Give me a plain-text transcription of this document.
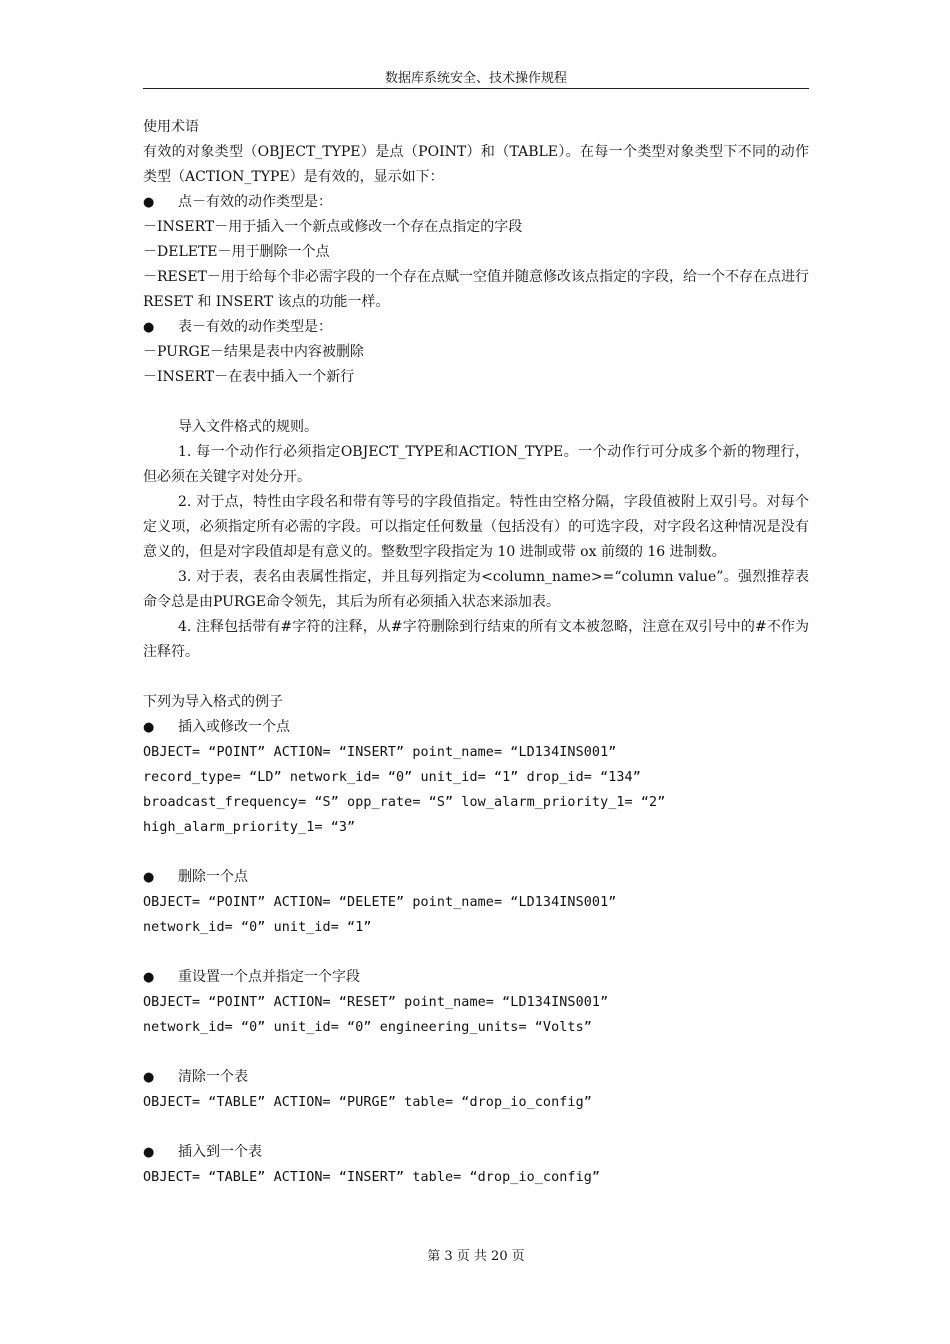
数据库系统安全、技术操作规程
使用术语
有效的对象类型（OBJECT_TYPE）是点（POINT）和（TABLE）。在每一个类型对象类型下不同的动作类型（ACTION_TYPE）是有效的，显示如下：
● 点－有效的动作类型是：
－INSERT－用于插入一个新点或修改一个存在点指定的字段
－DELETE－用于删除一个点
－RESET－用于给每个非必需字段的一个存在点赋一空值并随意修改该点指定的字段，给一个不存在点进行 RESET 和 INSERT 该点的功能一样。
● 表－有效的动作类型是：
－PURGE－结果是表中内容被删除
－INSERT－在表中插入一个新行
导入文件格式的规则。
1. 每一个动作行必须指定OBJECT_TYPE和ACTION_TYPE。一个动作行可分成多个新的物理行，但必须在关键字对处分开。
2. 对于点，特性由字段名和带有等号的字段值指定。特性由空格分隔，字段值被附上双引号。对每个定义项，必须指定所有必需的字段。可以指定任何数量（包括没有）的可选字段，对字段名这种情况是没有意义的，但是对字段值却是有意义的。整数型字段指定为 10 进制或带 ox 前缀的 16 进制数。
3. 对于表，表名由表属性指定，并且每列指定为<column_name>=“column value”。强烈推荐表命令总是由PURGE命令领先，其后为所有必须插入状态来添加表。
4. 注释包括带有#字符的注释，从#字符删除到行结束的所有文本被忽略，注意在双引号中的#不作为注释符。
下列为导入格式的例子
● 插入或修改一个点
OBJECT= “POINT” ACTION= “INSERT” point_name= “LD134INS001”
record_type= “LD” network_id= “0” unit_id= “1” drop_id= “134”
broadcast_frequency= “S” opp_rate= “S” low_alarm_priority_1= “2”
high_alarm_priority_1= “3”
● 删除一个点
OBJECT= “POINT” ACTION= “DELETE” point_name= “LD134INS001”
network_id= “0” unit_id= “1”
● 重设置一个点并指定一个字段
OBJECT= “POINT” ACTION= “RESET” point_name= “LD134INS001”
network_id= “0” unit_id= “0” engineering_units= “Volts”
● 清除一个表
OBJECT= “TABLE” ACTION= “PURGE” table= “drop_io_config”
● 插入到一个表
OBJECT= “TABLE” ACTION= “INSERT” table= “drop_io_config”
第 3 页 共 20 页
